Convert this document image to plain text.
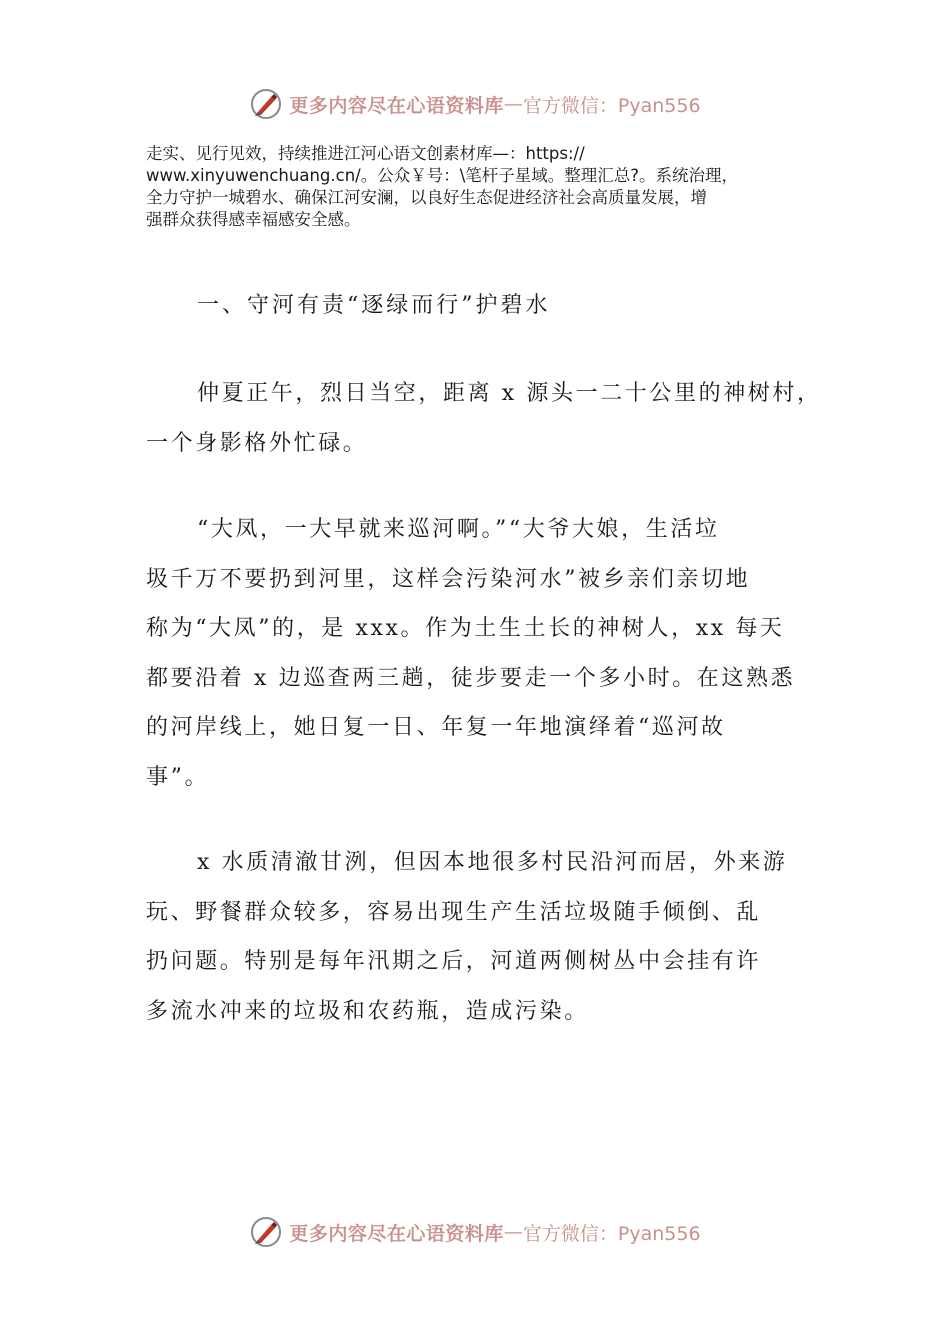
更多内容尽在心语资料库 — 官方微信：Pyan556
走实、见行见效，持续推进江河心语文创素材库—：https://
www.xinyuwenchuang.cn/。公众￥号：\笔杆子星域。整理汇总?。系统治理，
全力守护一城碧水、确保江河安澜，以良好生态促进经济社会高质量发展，增
强群众获得感幸福感安全感。
一、守河有责“逐绿而行”护碧水

仲夏正午，烈日当空，距离 x 源头一二十公里的神树村，
一个身影格外忙碌。

“大凤，一大早就来巡河啊。”“大爷大娘，生活垃
圾千万不要扔到河里，这样会污染河水”被乡亲们亲切地
称为“大凤”的，是 xxx。作为土生土长的神树人，xx 每天
都要沿着 x 边巡查两三趟，徒步要走一个多小时。在这熟悉
的河岸线上，她日复一日、年复一年地演绎着“巡河故
事”。

x 水质清澈甘洌，但因本地很多村民沿河而居，外来游
玩、野餐群众较多，容易出现生产生活垃圾随手倾倒、乱
扔问题。特别是每年汛期之后，河道两侧树丛中会挂有许
多流水冲来的垃圾和农药瓶，造成污染。

更多内容尽在心语资料库 — 官方微信：Pyan556
